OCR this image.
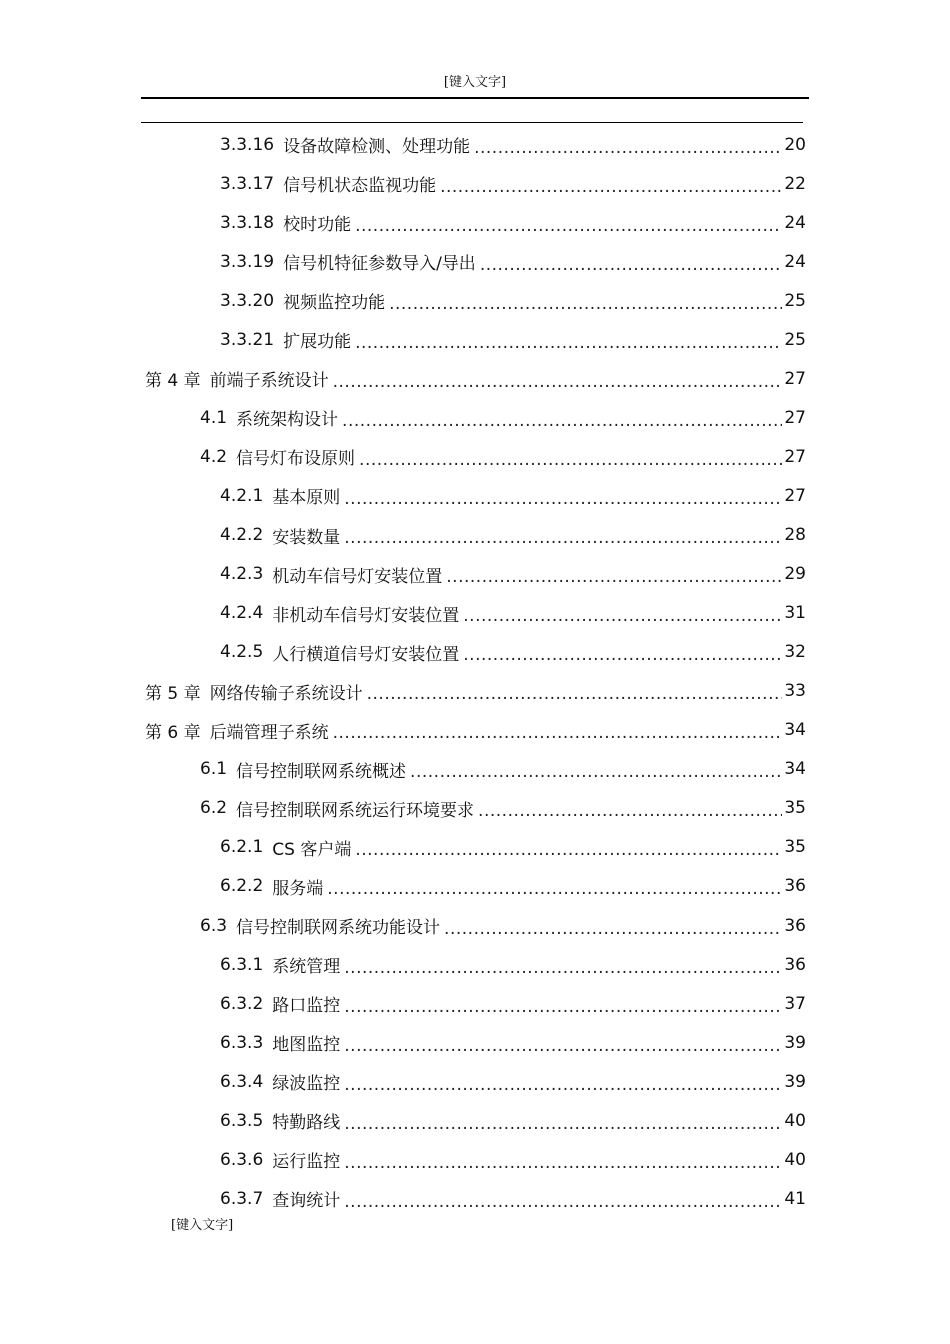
[键入文字]
3.3.16 设备故障检测、处理功能 .....	20
3.3.17 信号机状态监视功能 .....	22
3.3.18 校时功能 .....	24
3.3.19 信号机特征参数导入/导出 .....	24
3.3.20 视频监控功能 .....	25
3.3.21 扩展功能 .....	25
第 4 章 前端子系统设计 .....	27
4.1 系统架构设计 .....	27
4.2 信号灯布设原则 .....	27
4.2.1 基本原则 .....	27
4.2.2 安装数量 .....	28
4.2.3 机动车信号灯安装位置 .....	29
4.2.4 非机动车信号灯安装位置 .....	31
4.2.5 人行横道信号灯安装位置 .....	32
第 5 章 网络传输子系统设计 .....	33
第 6 章 后端管理子系统 .....	34
6.1 信号控制联网系统概述 .....	34
6.2 信号控制联网系统运行环境要求 .....	35
6.2.1 CS 客户端 .....	35
6.2.2 服务端 .....	36
6.3 信号控制联网系统功能设计 .....	36
6.3.1 系统管理 .....	36
6.3.2 路口监控 .....	37
6.3.3 地图监控 .....	39
6.3.4 绿波监控 .....	39
6.3.5 特勤路线 .....	40
6.3.6 运行监控 .....	40
6.3.7 查询统计 .....	41
[键入文字]
